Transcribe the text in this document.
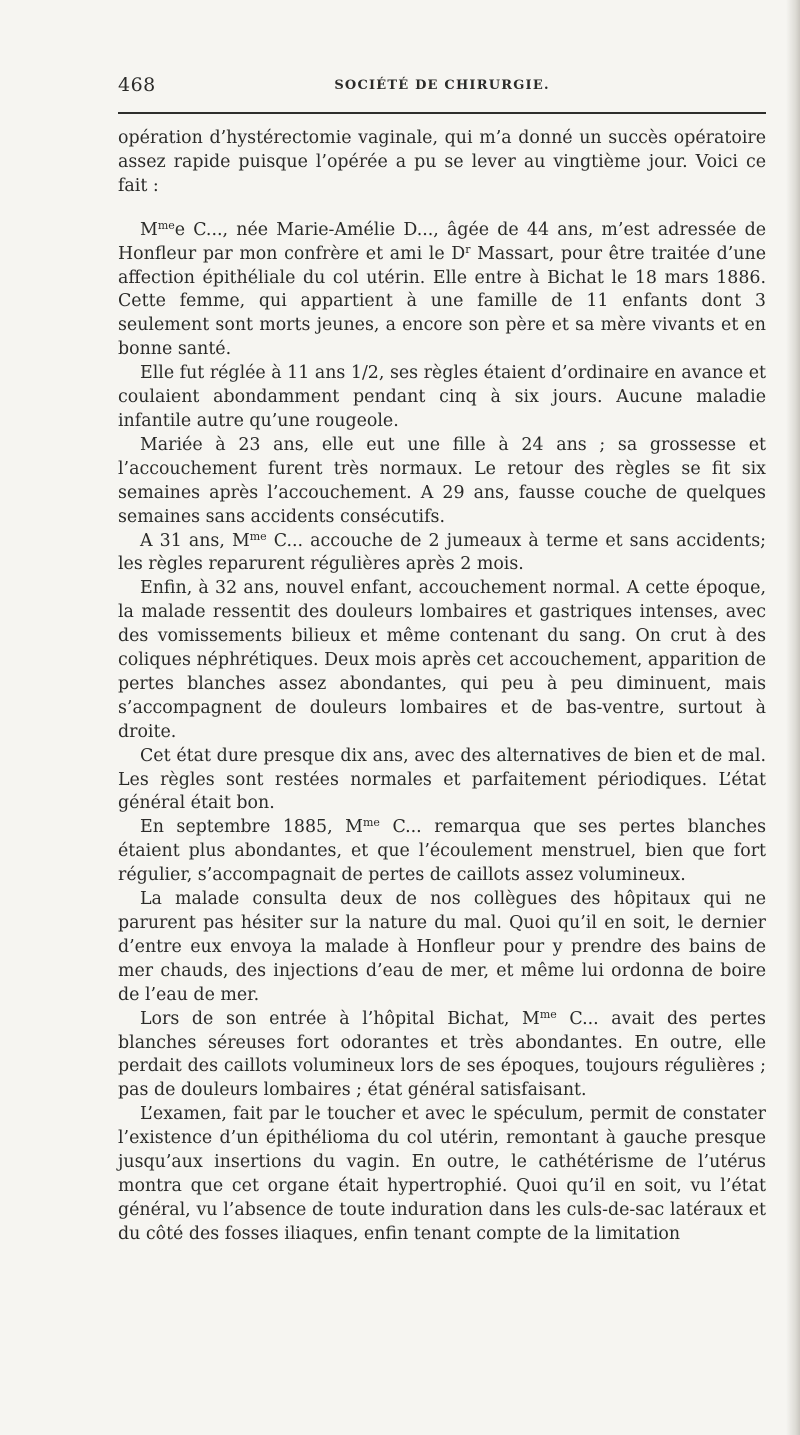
468	SOCIÉTÉ DE CHIRURGIE.

opération d’hystérectomie vaginale, qui m’a donné un succès opératoire assez rapide puisque l’opérée a pu se lever au vingtième jour. Voici ce fait :

$M^{me}e$ C..., née Marie-Amélie D..., âgée de 44 ans, m’est adressée de Honfleur par mon confrère et ami le $D^r$ Massart, pour être traitée d’une affection épithéliale du col utérin. Elle entre à Bichat le 18 mars 1886. Cette femme, qui appartient à une famille de 11 enfants dont 3 seulement sont morts jeunes, a encore son père et sa mère vivants et en bonne santé.

Elle fut réglée à 11 ans 1/2, ses règles étaient d’ordinaire en avance et coulaient abondamment pendant cinq à six jours. Aucune maladie infantile autre qu’une rougeole.

Mariée à 23 ans, elle eut une fille à 24 ans ; sa grossesse et l’accouchement furent très normaux. Le retour des règles se fit six semaines après l’accouchement. A 29 ans, fausse couche de quelques semaines sans accidents consécutifs.

A 31 ans, $M^{me}$ C... accouche de 2 jumeaux à terme et sans accidents; les règles reparurent régulières après 2 mois.

Enfin, à 32 ans, nouvel enfant, accouchement normal. A cette époque, la malade ressentit des douleurs lombaires et gastriques intenses, avec des vomissements bilieux et même contenant du sang. On crut à des coliques néphrétiques. Deux mois après cet accouchement, apparition de pertes blanches assez abondantes, qui peu à peu diminuent, mais s’accompagnent de douleurs lombaires et de bas-ventre, surtout à droite.

Cet état dure presque dix ans, avec des alternatives de bien et de mal. Les règles sont restées normales et parfaitement périodiques. L’état général était bon.

En septembre 1885, $M^{me}$ C... remarqua que ses pertes blanches étaient plus abondantes, et que l’écoulement menstruel, bien que fort régulier, s’accompagnait de pertes de caillots assez volumineux.

La malade consulta deux de nos collègues des hôpitaux qui ne parurent pas hésiter sur la nature du mal. Quoi qu’il en soit, le dernier d’entre eux envoya la malade à Honfleur pour y prendre des bains de mer chauds, des injections d’eau de mer, et même lui ordonna de boire de l’eau de mer.

Lors de son entrée à l’hôpital Bichat, $M^{me}$ C... avait des pertes blanches séreuses fort odorantes et très abondantes. En outre, elle perdait des caillots volumineux lors de ses époques, toujours régulières ; pas de douleurs lombaires ; état général satisfaisant.

L’examen, fait par le toucher et avec le spéculum, permit de constater l’existence d’un épithélioma du col utérin, remontant à gauche presque jusqu’aux insertions du vagin. En outre, le cathétérisme de l’utérus montra que cet organe était hypertrophié. Quoi qu’il en soit, vu l’état général, vu l’absence de toute induration dans les culs-de-sac latéraux et du côté des fosses iliaques, enfin tenant compte de la limitation
